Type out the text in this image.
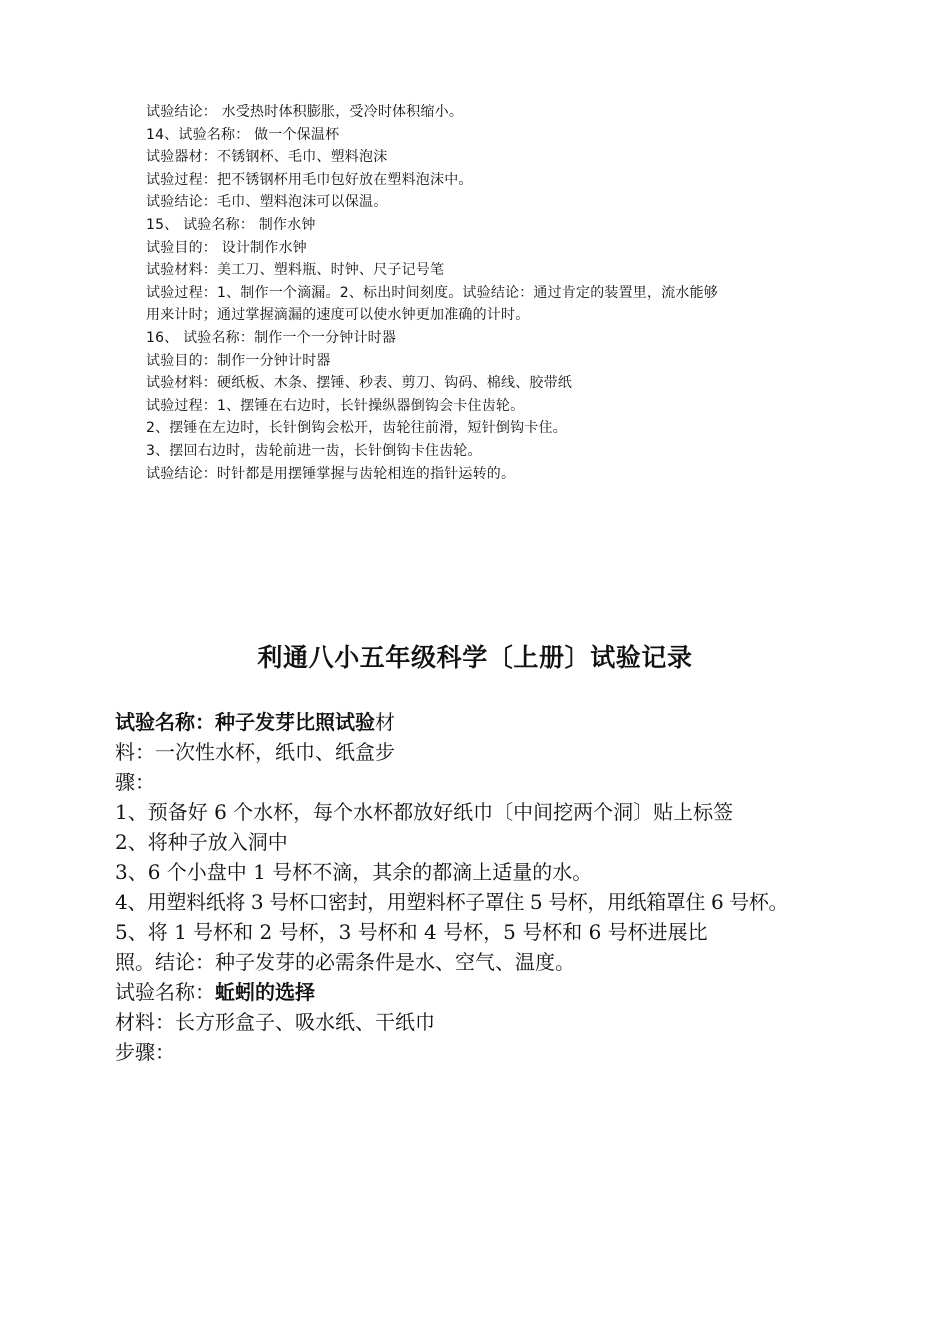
试验结论： 水受热时体积膨胀，受冷时体积缩小。
14、试验名称： 做一个保温杯
试验器材：不锈钢杯、毛巾、塑料泡沫
试验过程：把不锈钢杯用毛巾包好放在塑料泡沫中。
试验结论：毛巾、塑料泡沫可以保温。
15、 试验名称： 制作水钟
试验目的： 设计制作水钟
试验材料：美工刀、塑料瓶、时钟、尺子记号笔
试验过程：1、制作一个滴漏。2、标出时间刻度。试验结论：通过肯定的装置里，流水能够
用来计时；通过掌握滴漏的速度可以使水钟更加准确的计时。
16、 试验名称：制作一个一分钟计时器
试验目的：制作一分钟计时器
试验材料：硬纸板、木条、摆锤、秒表、剪刀、钩码、棉线、胶带纸
试验过程：1、摆锤在右边时，长针操纵器倒钩会卡住齿轮。
2、摆锤在左边时，长针倒钩会松开，齿轮往前滑，短针倒钩卡住。
3、摆回右边时，齿轮前进一齿，长针倒钩卡住齿轮。
试验结论：时针都是用摆锤掌握与齿轮相连的指针运转的。
利通八小五年级科学〔上册〕试验记录
试验名称：种子发芽比照试验材
料：一次性水杯，纸巾、纸盒步
骤：
1、预备好 6 个水杯，每个水杯都放好纸巾〔中间挖两个洞〕贴上标签
2、将种子放入洞中
3、6 个小盘中 1 号杯不滴，其余的都滴上适量的水。
4、用塑料纸将 3 号杯口密封，用塑料杯子罩住 5 号杯，用纸箱罩住 6 号杯。
5、将 1 号杯和 2 号杯，3 号杯和 4 号杯，5 号杯和 6 号杯进展比
照。结论：种子发芽的必需条件是水、空气、温度。
试验名称：蚯蚓的选择
材料：长方形盒子、吸水纸、干纸巾
步骤：
